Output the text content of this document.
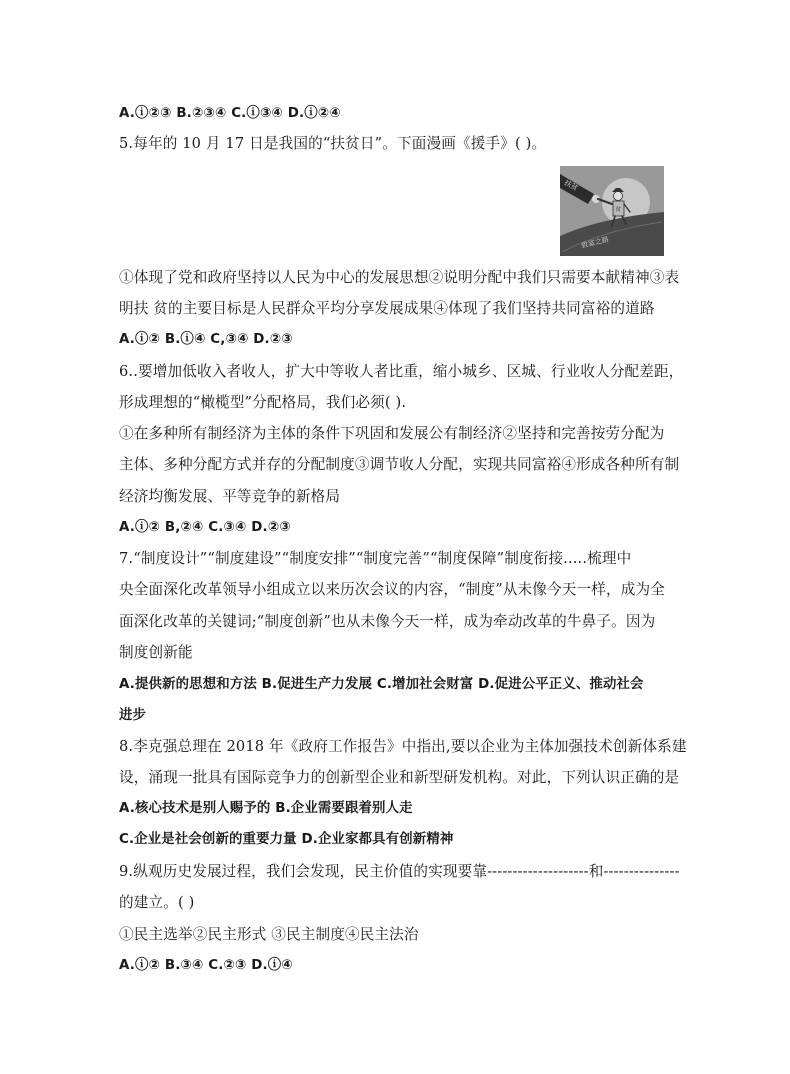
A.ⓘ②③ B.②③④ C.ⓘ③④ D.ⓘ②④
5.每年的 10 月 17 日是我国的“扶贫日”。下面漫画《援手》( )。
致富之路
扶贫
贫
①体现了党和政府坚持以人民为中心的发展思想②说明分配中我们只需要本献精神③表
明扶 贫的主要目标是人民群众平均分享发展成果④体现了我们坚持共同富裕的道路
A.ⓘ② B.ⓘ④ C,③④ D.②③
6..要增加低收入者收人，扩大中等收人者比重，缩小城乡、区城、行业收人分配差距，
形成理想的“橄榄型”分配格局，我们必须( ).
①在多种所有制经济为主体的条件下巩固和发展公有制经济②坚持和完善按劳分配为
主体、多种分配方式并存的分配制度③调节收人分配，实现共同富裕④形成各种所有制
经济均衡发展、平等竞争的新格局
A.ⓘ② B,②④ C.③④ D.②③
7.“制度设计”“制度建设”“制度安排”“制度完善”“制度保障”制度衔接.....梳理中
央全面深化改革领导小组成立以来历次会议的内容，“制度”从未像今天一样，成为全
面深化改革的关键词;“制度创新”也从未像今天一样，成为牵动改革的牛鼻子。因为
制度创新能
A.提供新的思想和方法 B.促进生产力发展 C.增加社会财富 D.促进公平正义、推动社会
进步
8.李克强总理在 2018 年《政府工作报告》中指出,要以企业为主体加强技术创新体系建
设，涌现一批具有国际竞争力的创新型企业和新型研发机构。对此，下列认识正确的是
A.核心技术是别人赐予的 B.企业需要跟着别人走
C.企业是社会创新的重要力量 D.企业家都具有创新精神
9.纵观历史发展过程，我们会发现，民主价值的实现要靠--------------------和---------------
的建立。( )
①民主选举②民主形式 ③民主制度④民主法治
A.ⓘ② B.③④ C.②③ D.ⓘ④
